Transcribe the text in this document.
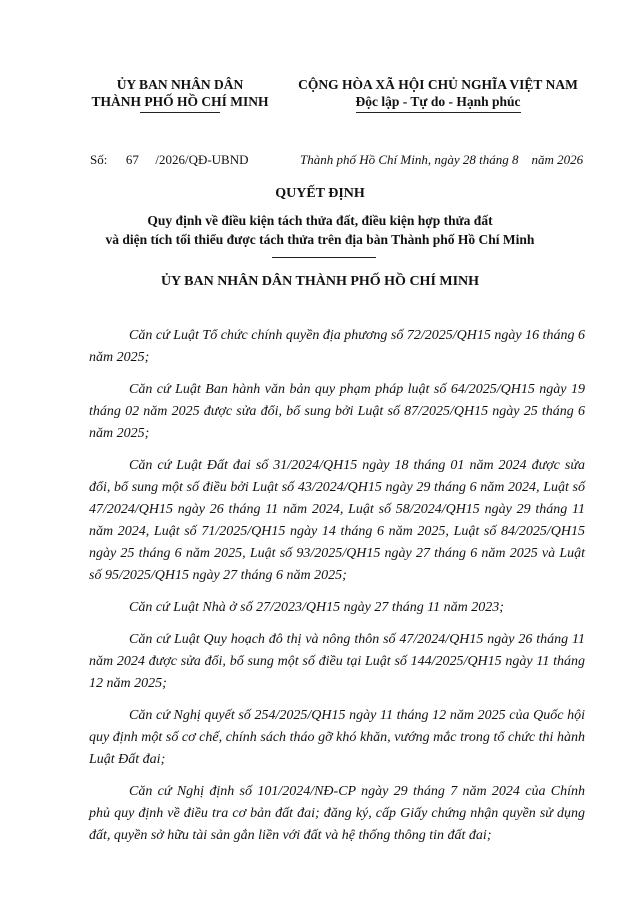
ỦY BAN NHÂN DÂN
THÀNH PHỐ HỒ CHÍ MINH
CỘNG HÒA XÃ HỘI CHỦ NGHĨA VIỆT NAM
Độc lập - Tự do - Hạnh phúc
Số: 67 /2026/QĐ-UBND	Thành phố Hồ Chí Minh, ngày 28 tháng 8    năm 2026
QUYẾT ĐỊNH
Quy định về điều kiện tách thửa đất, điều kiện hợp thửa đất
và diện tích tối thiểu được tách thửa trên địa bàn Thành phố Hồ Chí Minh
ỦY BAN NHÂN DÂN THÀNH PHỐ HỒ CHÍ MINH

Căn cứ Luật Tổ chức chính quyền địa phương số 72/2025/QH15 ngày 16 tháng 6 năm 2025;

Căn cứ Luật Ban hành văn bản quy phạm pháp luật số 64/2025/QH15 ngày 19 tháng 02 năm 2025 được sửa đổi, bổ sung bởi Luật số 87/2025/QH15 ngày 25 tháng 6 năm 2025;

Căn cứ Luật Đất đai số 31/2024/QH15 ngày 18 tháng 01 năm 2024 được sửa đổi, bổ sung một số điều bởi Luật số 43/2024/QH15 ngày 29 tháng 6 năm 2024, Luật số 47/2024/QH15 ngày 26 tháng 11 năm 2024, Luật số 58/2024/QH15 ngày 29 tháng 11 năm 2024, Luật số 71/2025/QH15 ngày 14 tháng 6 năm 2025, Luật số 84/2025/QH15 ngày 25 tháng 6 năm 2025, Luật số 93/2025/QH15 ngày 27 tháng 6 năm 2025 và Luật số 95/2025/QH15 ngày 27 tháng 6 năm 2025;

Căn cứ Luật Nhà ở số 27/2023/QH15 ngày 27 tháng 11 năm 2023;

Căn cứ Luật Quy hoạch đô thị và nông thôn số 47/2024/QH15 ngày 26 tháng 11 năm 2024 được sửa đổi, bổ sung một số điều tại Luật số 144/2025/QH15 ngày 11 tháng 12 năm 2025;

Căn cứ Nghị quyết số 254/2025/QH15 ngày 11 tháng 12 năm 2025 của Quốc hội quy định một số cơ chế, chính sách tháo gỡ khó khăn, vướng mắc trong tổ chức thi hành Luật Đất đai;

Căn cứ Nghị định số 101/2024/NĐ-CP ngày 29 tháng 7 năm 2024 của Chính phủ quy định về điều tra cơ bản đất đai; đăng ký, cấp Giấy chứng nhận quyền sử dụng đất, quyền sở hữu tài sản gắn liền với đất và hệ thống thông tin đất đai;
